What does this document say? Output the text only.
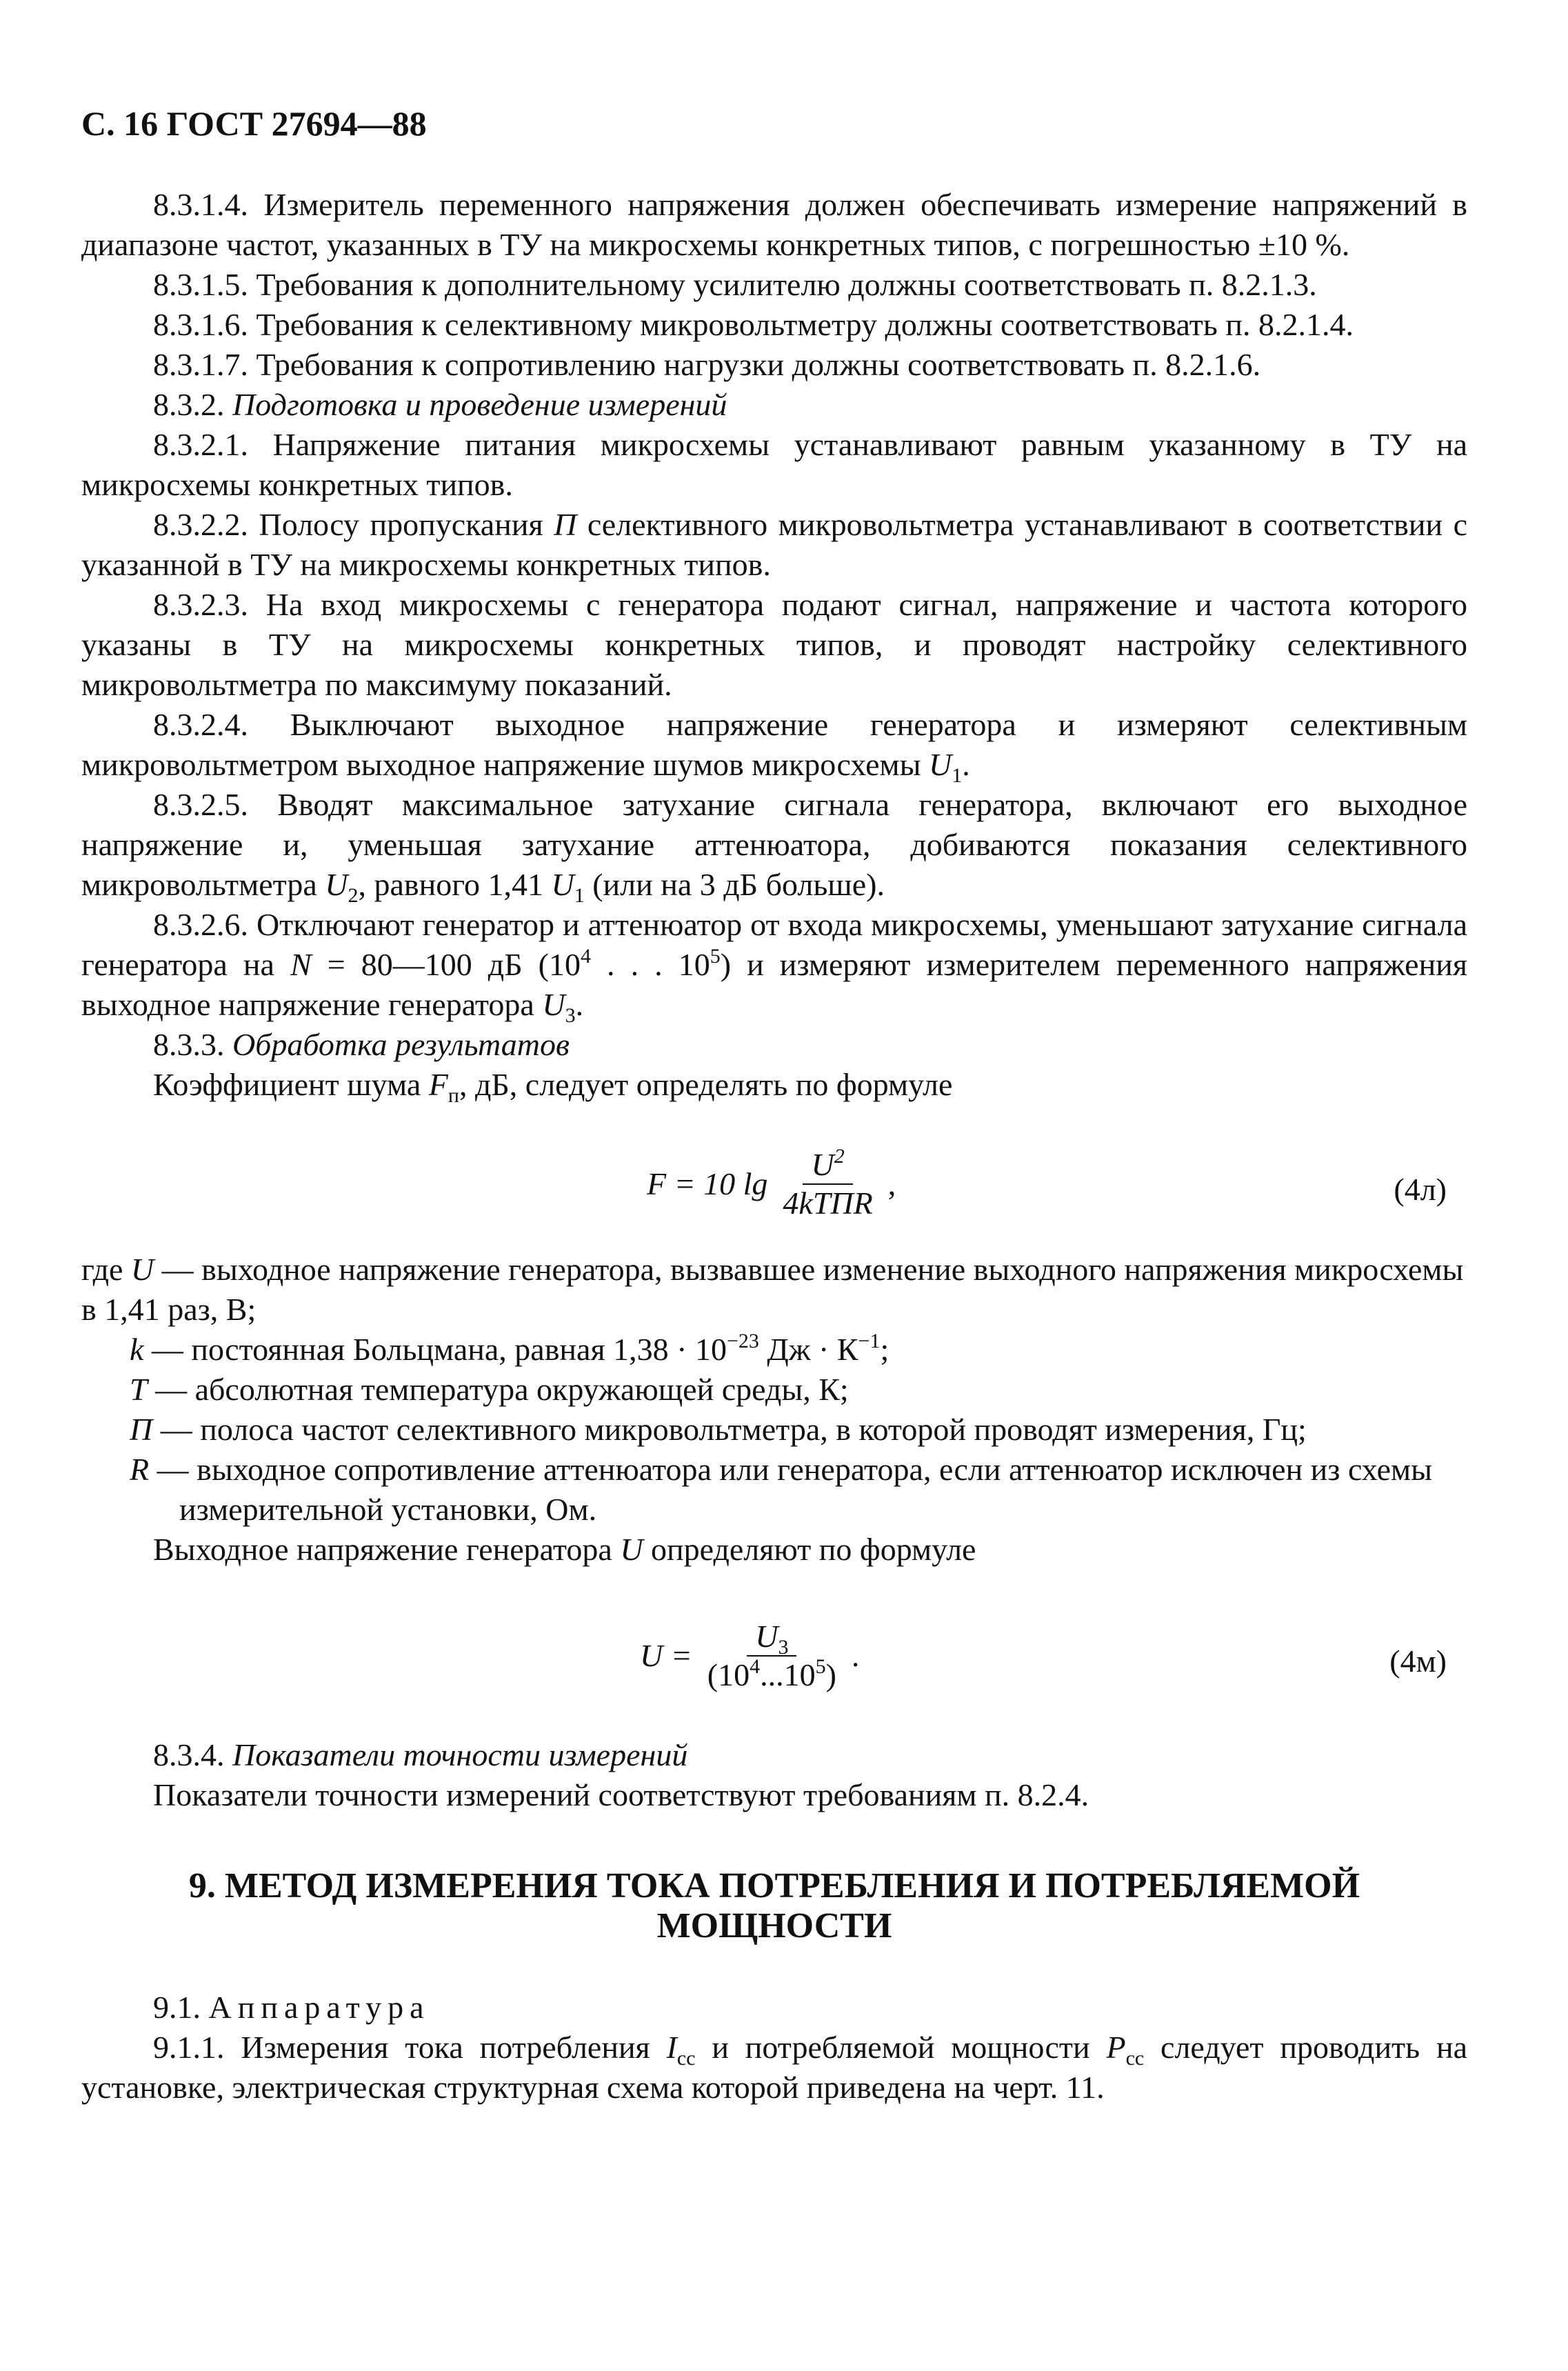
С. 16 ГОСТ 27694—88

8.3.1.4. Измеритель переменного напряжения должен обеспечивать измерение напряжений в диапазоне частот, указанных в ТУ на микросхемы конкретных типов, с погрешностью ±10 %.

8.3.1.5. Требования к дополнительному усилителю должны соответствовать п. 8.2.1.3.

8.3.1.6. Требования к селективному микровольтметру должны соответствовать п. 8.2.1.4.

8.3.1.7. Требования к сопротивлению нагрузки должны соответствовать п. 8.2.1.6.

8.3.2. Подготовка и проведение измерений

8.3.2.1. Напряжение питания микросхемы устанавливают равным указанному в ТУ на микросхемы конкретных типов.

8.3.2.2. Полосу пропускания П селективного микровольтметра устанавливают в соответствии с указанной в ТУ на микросхемы конкретных типов.

8.3.2.3. На вход микросхемы с генератора подают сигнал, напряжение и частота которого указаны в ТУ на микросхемы конкретных типов, и проводят настройку селективного микровольтметра по максимуму показаний.

8.3.2.4. Выключают выходное напряжение генератора и измеряют селективным микровольтметром выходное напряжение шумов микросхемы $U_1$.

8.3.2.5. Вводят максимальное затухание сигнала генератора, включают его выходное напряжение и, уменьшая затухание аттенюатора, добиваются показания селективного микровольтметра $U_2$, равного 1,41 $U_1$ (или на 3 дБ больше).

8.3.2.6. Отключают генератор и аттенюатор от входа микросхемы, уменьшают затухание сигнала генератора на N = 80—100 дБ ($10^4$ . . . $10^5$) и измеряют измерителем переменного напряжения выходное напряжение генератора $U_3$.

8.3.3. Обработка результатов

Коэффициент шума $F_п$, дБ, следует определять по формуле

F = 10 $\lg \frac{U^2}{\text{4kTПR}}$ ,	(4л)
где U — выходное напряжение генератора, вызвавшее изменение выходного напряжения микросхемы
в 1,41 раз, В;
k — постоянная Больцмана, равная $1,38 \cdot 10^{-23}$ Дж · $К^{-1}$;
T — абсолютная температура окружающей среды, К;
П — полоса частот селективного микровольтметра, в которой проводят измерения, Гц;
R — выходное сопротивление аттенюатора или генератора, если аттенюатор исключен из схемы
измерительной установки, Ом.

Выходное напряжение генератора U определяют по формуле

$U = \frac{U_3}{(10^4...10^5)}$ .	(4м)

8.3.4. Показатели точности измерений

Показатели точности измерений соответствуют требованиям п. 8.2.4.

9. МЕТОД ИЗМЕРЕНИЯ ТОКА ПОТРЕБЛЕНИЯ И ПОТРЕБЛЯЕМОЙ МОЩНОСТИ

9.1. Аппаратура

9.1.1. Измерения тока потребления $I_{cc}$ и потребляемой мощности $P_{cc}$ следует проводить на установке, электрическая структурная схема которой приведена на черт. 11.
